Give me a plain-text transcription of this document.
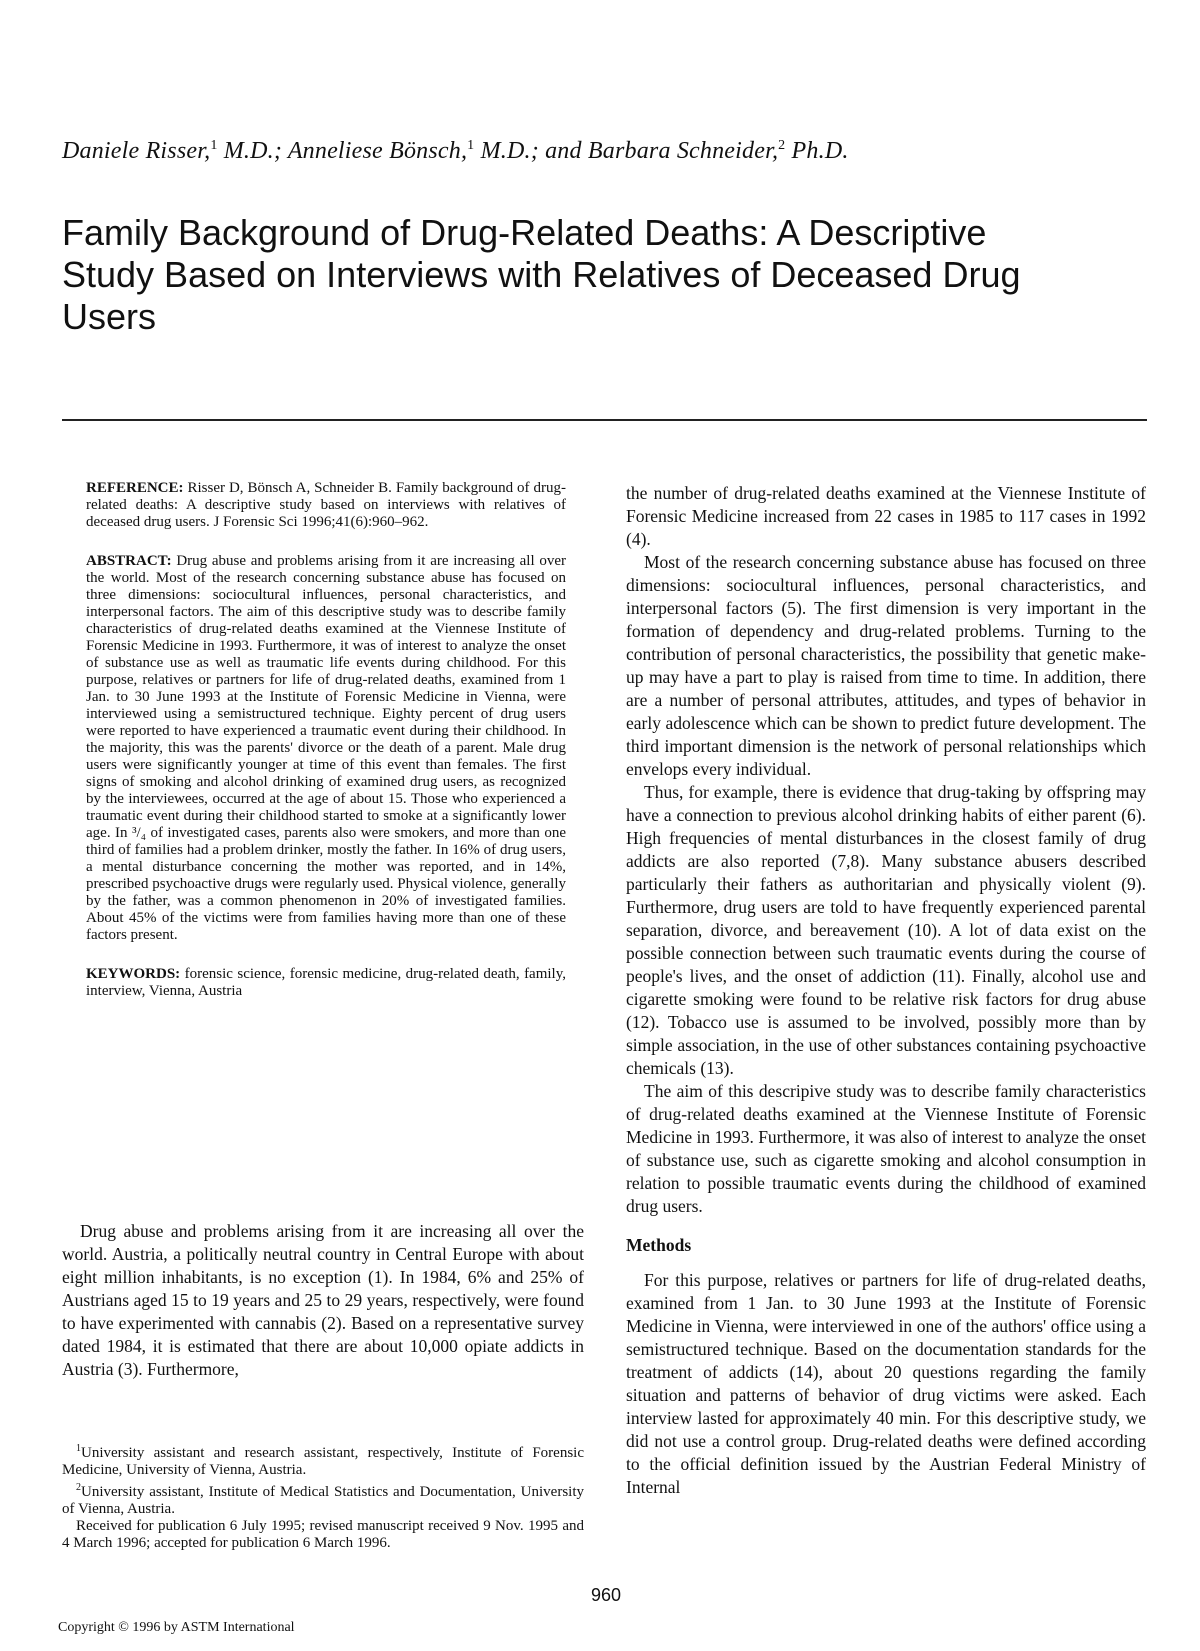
Daniele Risser,$^1$ M.D.; Anneliese Bönsch,$^1$ M.D.; and Barbara Schneider,$^2$ Ph.D.
Family Background of Drug-Related Deaths: A Descriptive Study Based on Interviews with Relatives of Deceased Drug Users

REFERENCE: Risser D, Bönsch A, Schneider B. Family background of drug-related deaths: A descriptive study based on interviews with relatives of deceased drug users. J Forensic Sci 1996;41(6):960–962.

ABSTRACT: Drug abuse and problems arising from it are increasing all over the world. Most of the research concerning substance abuse has focused on three dimensions: sociocultural influences, personal characteristics, and interpersonal factors. The aim of this descriptive study was to describe family characteristics of drug-related deaths examined at the Viennese Institute of Forensic Medicine in 1993. Furthermore, it was of interest to analyze the onset of substance use as well as traumatic life events during childhood. For this purpose, relatives or partners for life of drug-related deaths, examined from 1 Jan. to 30 June 1993 at the Institute of Forensic Medicine in Vienna, were interviewed using a semistructured technique. Eighty percent of drug users were reported to have experienced a traumatic event during their childhood. In the majority, this was the parents' divorce or the death of a parent. Male drug users were significantly younger at time of this event than females. The first signs of smoking and alcohol drinking of examined drug users, as recognized by the interviewees, occurred at the age of about 15. Those who experienced a traumatic event during their childhood started to smoke at a significantly lower age. In ³/₄ of investigated cases, parents also were smokers, and more than one third of families had a problem drinker, mostly the father. In 16% of drug users, a mental disturbance concerning the mother was reported, and in 14%, prescribed psychoactive drugs were regularly used. Physical violence, generally by the father, was a common phenomenon in 20% of investigated families. About 45% of the victims were from families having more than one of these factors present.

KEYWORDS: forensic science, forensic medicine, drug-related death, family, interview, Vienna, Austria

Drug abuse and problems arising from it are increasing all over the world. Austria, a politically neutral country in Central Europe with about eight million inhabitants, is no exception (1). In 1984, 6% and 25% of Austrians aged 15 to 19 years and 25 to 29 years, respectively, were found to have experimented with cannabis (2). Based on a representative survey dated 1984, it is estimated that there are about 10,000 opiate addicts in Austria (3). Furthermore,

$^1$University assistant and research assistant, respectively, Institute of Forensic Medicine, University of Vienna, Austria.

$^2$University assistant, Institute of Medical Statistics and Documentation, University of Vienna, Austria.

Received for publication 6 July 1995; revised manuscript received 9 Nov. 1995 and 4 March 1996; accepted for publication 6 March 1996.

the number of drug-related deaths examined at the Viennese Institute of Forensic Medicine increased from 22 cases in 1985 to 117 cases in 1992 (4).

Most of the research concerning substance abuse has focused on three dimensions: sociocultural influences, personal characteristics, and interpersonal factors (5). The first dimension is very important in the formation of dependency and drug-related problems. Turning to the contribution of personal characteristics, the possibility that genetic make-up may have a part to play is raised from time to time. In addition, there are a number of personal attributes, attitudes, and types of behavior in early adolescence which can be shown to predict future development. The third important dimension is the network of personal relationships which envelops every individual.

Thus, for example, there is evidence that drug-taking by offspring may have a connection to previous alcohol drinking habits of either parent (6). High frequencies of mental disturbances in the closest family of drug addicts are also reported (7,8). Many substance abusers described particularly their fathers as authoritarian and physically violent (9). Furthermore, drug users are told to have frequently experienced parental separation, divorce, and bereavement (10). A lot of data exist on the possible connection between such traumatic events during the course of people's lives, and the onset of addiction (11). Finally, alcohol use and cigarette smoking were found to be relative risk factors for drug abuse (12). Tobacco use is assumed to be involved, possibly more than by simple association, in the use of other substances containing psychoactive chemicals (13).

The aim of this descripive study was to describe family characteristics of drug-related deaths examined at the Viennese Institute of Forensic Medicine in 1993. Furthermore, it was also of interest to analyze the onset of substance use, such as cigarette smoking and alcohol consumption in relation to possible traumatic events during the childhood of examined drug users.

Methods

For this purpose, relatives or partners for life of drug-related deaths, examined from 1 Jan. to 30 June 1993 at the Institute of Forensic Medicine in Vienna, were interviewed in one of the authors' office using a semistructured technique. Based on the documentation standards for the treatment of addicts (14), about 20 questions regarding the family situation and patterns of behavior of drug victims were asked. Each interview lasted for approximately 40 min. For this descriptive study, we did not use a control group. Drug-related deaths were defined according to the official definition issued by the Austrian Federal Ministry of Internal

960
Copyright © 1996 by ASTM International
